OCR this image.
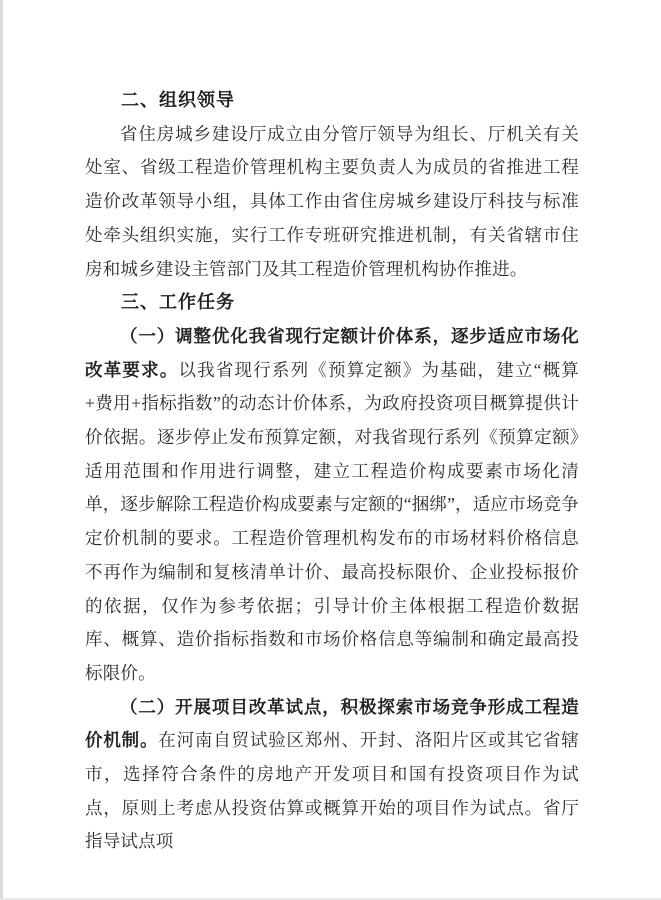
二、组织领导

省住房城乡建设厅成立由分管厅领导为组长、厅机关有关处室、省级工程造价管理机构主要负责人为成员的省推进工程造价改革领导小组，具体工作由省住房城乡建设厅科技与标准处牵头组织实施，实行工作专班研究推进机制，有关省辖市住房和城乡建设主管部门及其工程造价管理机构协作推进。

三、工作任务

（一）调整优化我省现行定额计价体系，逐步适应市场化改革要求。以我省现行系列《预算定额》为基础，建立“概算+费用+指标指数”的动态计价体系，为政府投资项目概算提供计价依据。逐步停止发布预算定额，对我省现行系列《预算定额》适用范围和作用进行调整，建立工程造价构成要素市场化清单，逐步解除工程造价构成要素与定额的“捆绑”，适应市场竞争定价机制的要求。工程造价管理机构发布的市场材料价格信息不再作为编制和复核清单计价、最高投标限价、企业投标报价的依据，仅作为参考依据；引导计价主体根据工程造价数据库、概算、造价指标指数和市场价格信息等编制和确定最高投标限价。

（二）开展项目改革试点，积极探索市场竞争形成工程造价机制。在河南自贸试验区郑州、开封、洛阳片区或其它省辖市，选择符合条件的房地产开发项目和国有投资项目作为试点，原则上考虑从投资估算或概算开始的项目作为试点。省厅指导试点项
